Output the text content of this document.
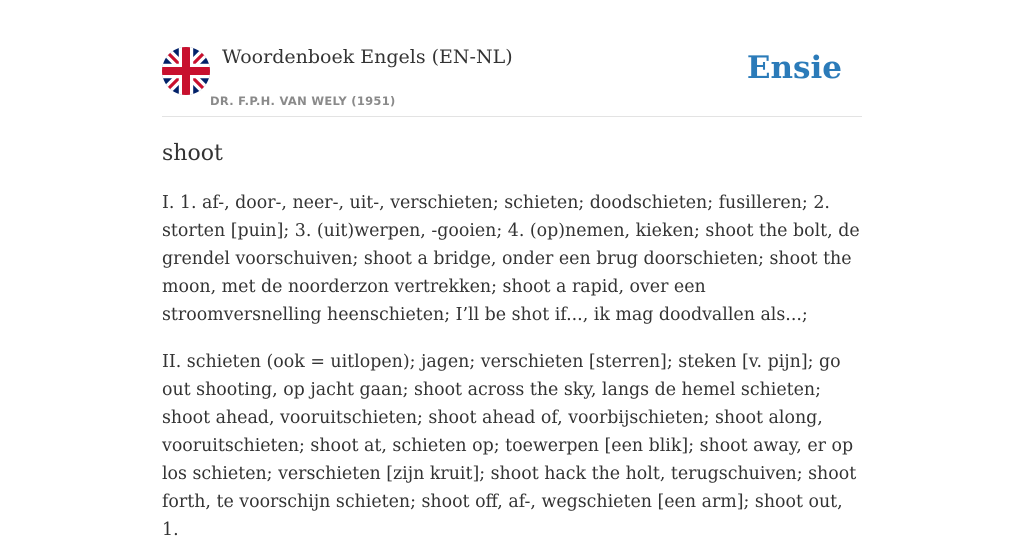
Woordenboek Engels (EN-NL)
DR. F.P.H. VAN WELY (1951)
Ensie
shoot

I. 1. af-, door-, neer-, uit-, verschieten; schieten; doodschieten; fusilleren; 2. storten [puin]; 3. (uit)werpen, -gooien; 4. (op)nemen, kieken; shoot the bolt, de grendel voorschuiven; shoot a bridge, onder een brug doorschieten; shoot the moon, met de noorderzon vertrekken; shoot a rapid, over een stroomversnelling heenschieten; I’ll be shot if..., ik mag doodvallen als...;

II. schieten (ook = uitlopen); jagen; verschieten [sterren]; steken [v. pijn]; go out shooting, op jacht gaan; shoot across the sky, langs de hemel schieten; shoot ahead, vooruitschieten; shoot ahead of, voorbijschieten; shoot along, vooruitschieten; shoot at, schieten op; toewerpen [een blik]; shoot away, er op los schieten; verschieten [zijn kruit]; shoot hack the holt, terugschuiven; shoot forth, te voorschijn schieten; shoot off, af-, wegschieten [een arm]; shoot out, 1.
